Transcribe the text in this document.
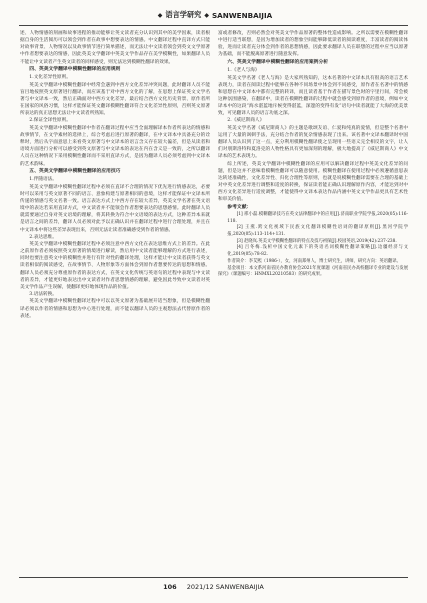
◆ 语言学研究 ◆ SANWENBAIJIA

述、人物情感的刻画和故事进程的推动能够让英文读者充分认识到其中的美学因素，读者根据自身的生活阅历可以领会到作者在故事中想要表达的情感。中文翻译过程中直译方式只能对故事背景、人物情况以及故事情节进行简单描述，而无法让中文读者领会到英文文学原著中作者想要表达的情感，因此英美文学翻译中英美文学作品存在美学模糊性，如果翻译人员不能让中文读者产生英文读者的同样感受，则无法达到模糊性翻译的效果。

四、英美文学翻译中模糊性翻译的应用规则
1.文化差异性原则。

英美文学翻译中模糊性翻译中经常会遇到中西方文化差异冲突问题，此时翻译人员不能盲目地按照英文原著进行翻译，而应该基于对中西方文化的了解，在思想上保证英文文学名著与中文译本一致，然后正确面对中西方文化差异，最后结合西方文化历史背景、原作者所在国家的风俗习惯，这样才能保证英文翻译模糊性翻译符合文化差异性原则，否则英文原著所表达的真正思想无法让中文读者所熟知。

2.保证全译性原则。

英美文学翻译中模糊性翻译中作者在翻译过程中应当全面理解译本作者所表达的情感和故事情节，在文学素材的选择上，综合考虑后进行原著的翻译，在中文译本中具备充分的诠释时，然后从字面意思上来看英文原著与中文译本的语言含义存在较大偏差，但是从读者和语境方面进行分析可以感受到英文原著与中文译本的表达在内在含义是一致的，之所以翻译人员在这种情况下采用模糊性翻译而不采用直译方式，是因为翻译人员必须考虑到中文译本的艺术韵味。

五、英美文学翻译中模糊性翻译的应用技巧
1.伴随语法。

英美文学翻译中模糊性翻译过程中必须在直译不合理的情况下优先进行情感表达，必要时可以采用与英文原著不同的语言、意象构建与原著相同的意境，这样才能保证中文译本所传递的情感与英文名著一致。语言表达方式上中西方存在较大差异，英美文学名著在英文语境中的表达若采用直译方式，中文读者并不能领会作者想要表达的思想感情。此时翻译人员就需要通过自身对英文语境的理解，将其转换为符合中文语境的表达方式，这种差异本来就是语言之间的差异，翻译人员必须对此予以正确认识并在翻译过程中进行合理处理，并且在中文译本中将这些差异表现出来，否则无法让读者准确感受到作者的情感。

2.表达思维。

英美文学翻译中模糊性翻译过程中必须注意中西方文化在表达思维方式上的差异。在此之前原作者必须按照英文原著的情境进行解读，然后用中文读者能够理解的方式进行表述，同时也要注意英文中的模糊性并进行有针对性的翻译处理，这样才能让中文读者获得与英文读者相似的阅读感受，在故事情节、人物形象等方面体会到原作者想要传达的思想和情感。翻译人员必须充分尊重原作者的表达方式，在英文文化传统与英语句的过程中表现与中文读者的差异，才能更好地表达出中文读者对作者思想情感的理解，避免因此导致中文读者对英美文学作品产生误解，使翻译更好地体现作品的价值。

3.语法转换。

英美文学翻译中模糊性翻译过程中可以以英文原著为基础展开适当想象，但是模糊性翻译必须以作者的情感和思想为中心进行处理，而不能以翻译人员的主观想法去代替原作者的表述。

富或者修改，否则必然会对英美文学作品原著的整体性造成影响。之所以需要在模糊性翻译中进行适当联想，是因为增加读者的想象空间能够降低读者的阅读难度，丰富读者的阅读体验，进而让读者充分体会到作者的思想情感，因此要求翻译人员在联想的过程中应当以原著为基础，而不能脱离原著进行随意发挥。

六、英美文学翻译中模糊性翻译的应用案例分析
1.《老人与海》

英美文学名著《老人与海》是大家所熟知的，这本名著的中文译本具有很高的语言艺术表现力，读者在阅读过程中能够在各种不同场景中体会到不同感受，原作者在名著中的情感和思想在中文译本中都有完整的转译，而且读者基于作者在描写景色时的字里行间，常会被这种氛围感染，在翻译中，读者在模糊性翻译的过程中就会感受到原作者的意境，例如中文译本中的这段“海水湛蓝地斥候变得湛蓝，深邃的变得有发”语句中读者就能了大海的优美景致，可见翻译人员的语言功底之深。

2.《威尼斯商人》

英美文学名著《威尼斯商人》的主题是歌颂友谊、仁爱和纯真的爱情，但是整个名著中运用了大量的讽刺手法，充分结合作者的复杂情感表现了出来。该名著中文译本翻译时中国翻译人员认识到了这一点，充分利用模糊性翻译使之呈现用一些语义完全相反的文字，让人们对朋斯洛特和夏洛克的人物性格具有更加深刻的理解，极大地提高了《威尼斯商人》中文译本的艺术表现力。

综上所述，英美文学翻译中模糊性翻译的应用可以解决翻译过程中英美文化差异的问题，但是这并不意味着模糊性翻译可以随意使用。模糊性翻译在使用过程中必须遵循意思表达转述准确性、文化差异性、归化合理性等原则，也就是说模糊性翻译需要在合理的基础上对中英文化差异进行调整和适度的转换，保证读者能正确认识理解原作内容，才能达到对中西方文化差异进行适度调整，才能使得中文译本表达作品内涵中英文文学作品更具有艺术性和审美价值。

参考文献：

[1] 邢小磊.模糊翻译技巧在英文法律翻译中的应用[J].济南职业学院学报,2020(05):116-118.

[2] 王燕.跨文化视域下民族文化翻译模糊性语词的翻译原则[J].黑河学院学报,2020(05):113-114+131.

[3] 赵晓岚.英美文学模糊性翻译的特点及技巧初探[J].校园英语,2019(42):237-238.

[4] 吕冬梅.浅析中国文化元素下的英语名词模糊性翻译策略[J].边疆经济与文化,2019(05):78-82.

作者简介：李艾熙（1986-），女，河南郑州人，博士研究生，讲师，研究方向：英语翻译。

基金项目：本文系河南省民办教育协会2021年度课题《河南省民办高校翻译专业的建设与发展探究》（课题编号：HNMXL20210583）的研究成果。

106 2021/12 SANWENBAIJIA
